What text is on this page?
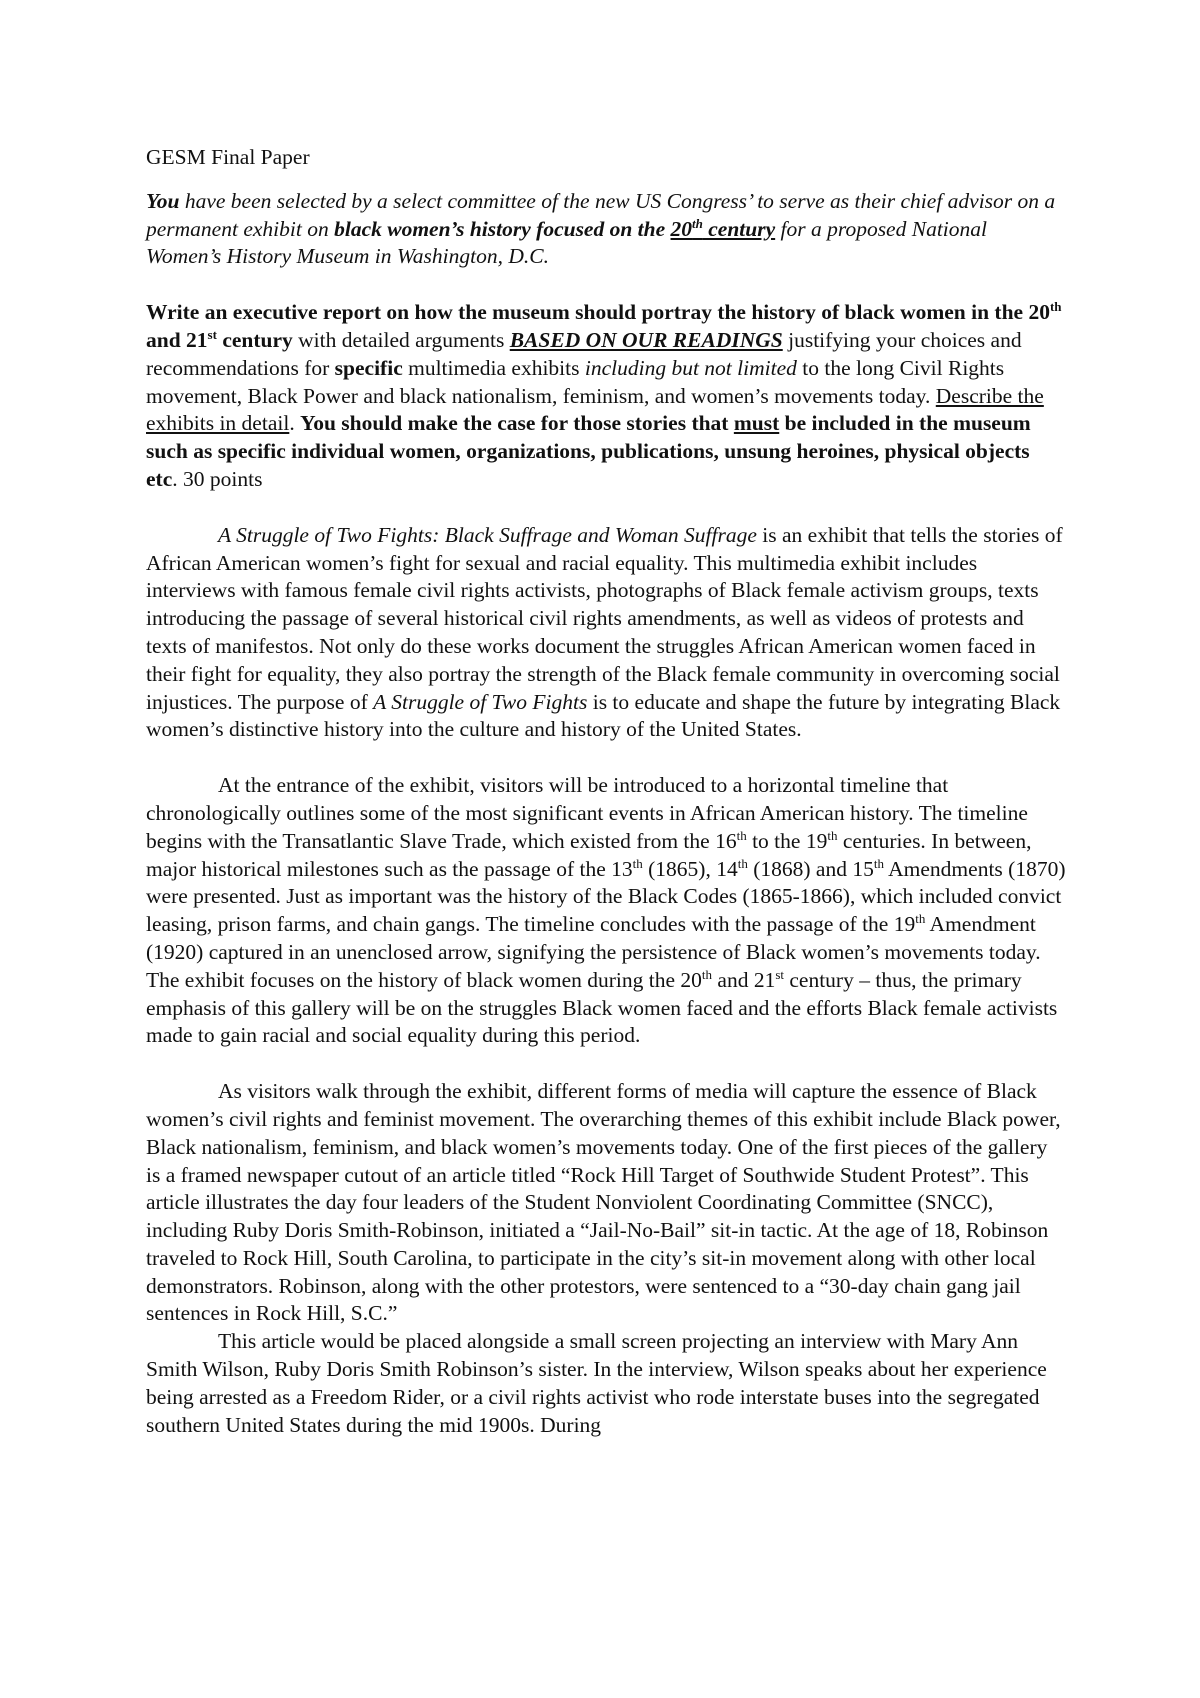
GESM Final Paper

You have been selected by a select committee of the new US Congress’ to serve as their chief advisor on a permanent exhibit on black women’s history focused on the 20th century for a proposed National Women’s History Museum in Washington, D.C.

Write an executive report on how the museum should portray the history of black women in the 20th and 21st century with detailed arguments BASED ON OUR READINGS justifying your choices and recommendations for specific multimedia exhibits including but not limited to the long Civil Rights movement, Black Power and black nationalism, feminism, and women’s movements today. Describe the exhibits in detail. You should make the case for those stories that must be included in the museum such as specific individual women, organizations, publications, unsung heroines, physical objects etc. 30 points

A Struggle of Two Fights: Black Suffrage and Woman Suffrage is an exhibit that tells the stories of African American women’s fight for sexual and racial equality. This multimedia exhibit includes interviews with famous female civil rights activists, photographs of Black female activism groups, texts introducing the passage of several historical civil rights amendments, as well as videos of protests and texts of manifestos. Not only do these works document the struggles African American women faced in their fight for equality, they also portray the strength of the Black female community in overcoming social injustices. The purpose of A Struggle of Two Fights is to educate and shape the future by integrating Black women’s distinctive history into the culture and history of the United States.

At the entrance of the exhibit, visitors will be introduced to a horizontal timeline that chronologically outlines some of the most significant events in African American history. The timeline begins with the Transatlantic Slave Trade, which existed from the 16th to the 19th centuries. In between, major historical milestones such as the passage of the 13th (1865), 14th (1868) and 15th Amendments (1870) were presented. Just as important was the history of the Black Codes (1865-1866), which included convict leasing, prison farms, and chain gangs. The timeline concludes with the passage of the 19th Amendment (1920) captured in an unenclosed arrow, signifying the persistence of Black women’s movements today. The exhibit focuses on the history of black women during the 20th and 21st century – thus, the primary emphasis of this gallery will be on the struggles Black women faced and the efforts Black female activists made to gain racial and social equality during this period.

As visitors walk through the exhibit, different forms of media will capture the essence of Black women’s civil rights and feminist movement. The overarching themes of this exhibit include Black power, Black nationalism, feminism, and black women’s movements today. One of the first pieces of the gallery is a framed newspaper cutout of an article titled “Rock Hill Target of Southwide Student Protest”. This article illustrates the day four leaders of the Student Nonviolent Coordinating Committee (SNCC), including Ruby Doris Smith-Robinson, initiated a “Jail-No-Bail” sit-in tactic. At the age of 18, Robinson traveled to Rock Hill, South Carolina, to participate in the city’s sit-in movement along with other local demonstrators. Robinson, along with the other protestors, were sentenced to a “30-day chain gang jail sentences in Rock Hill, S.C.”

This article would be placed alongside a small screen projecting an interview with Mary Ann Smith Wilson, Ruby Doris Smith Robinson’s sister. In the interview, Wilson speaks about her experience being arrested as a Freedom Rider, or a civil rights activist who rode interstate buses into the segregated southern United States during the mid 1900s. During
